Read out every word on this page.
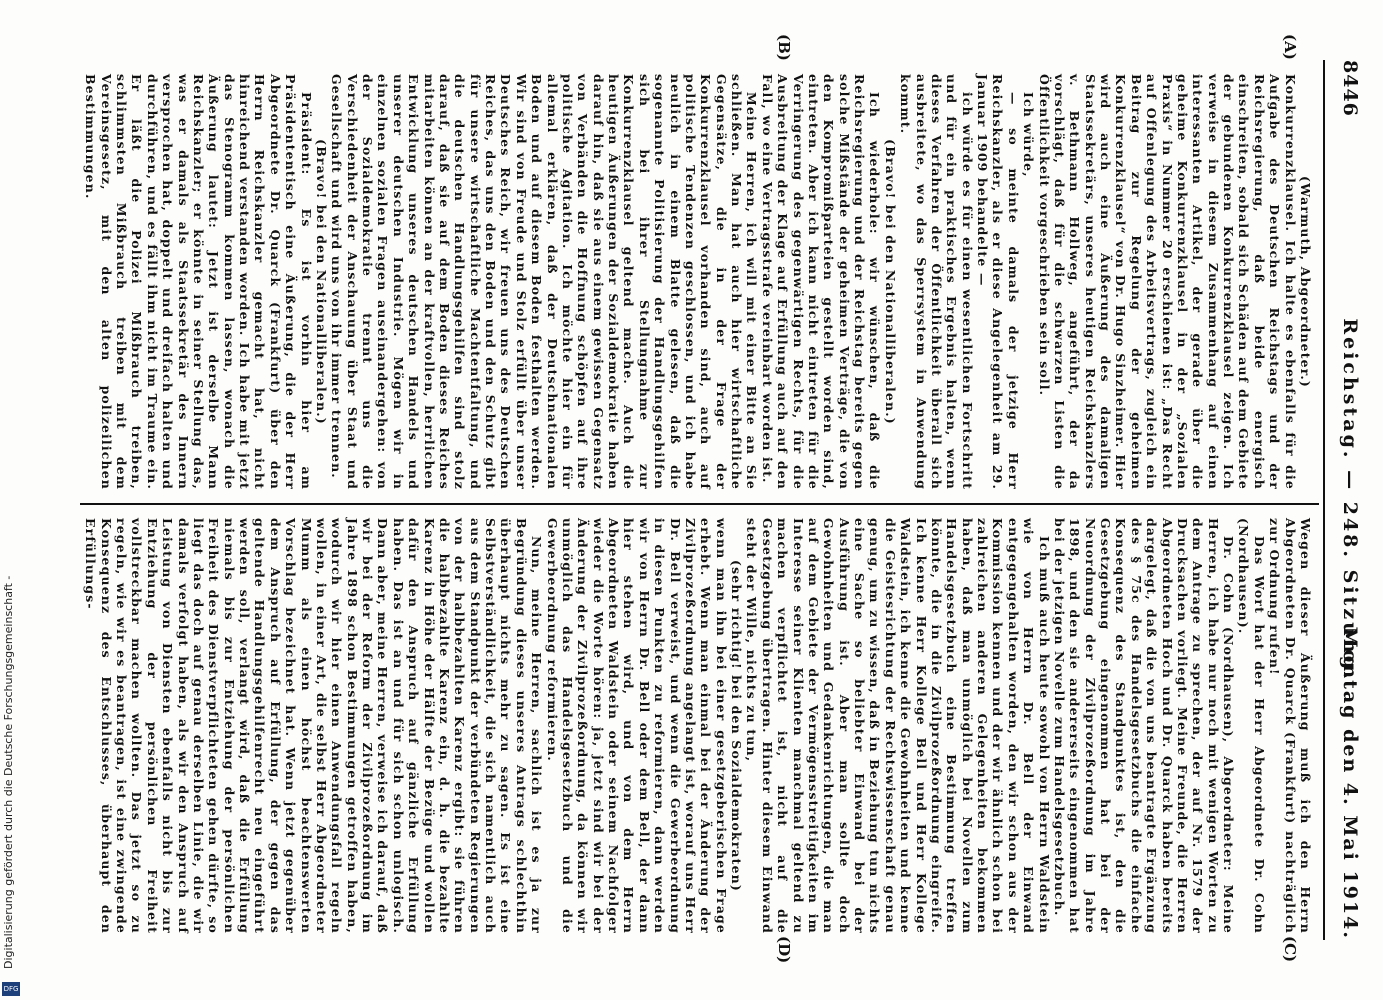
8446
Reichstag. — 248. Sitzung.
Montag den 4. Mai 1914.
(A)
(B)
(C)
(D)

(Warmuth, Abgeordneter.)

Konkurrenzklausel. Ich halte es ebenfalls für die Aufgabe des Deutschen Reichstags und der Reichsregierung, daß beide energisch einschreiten, sobald sich Schäden auf dem Gebiete der gebundenen Konkurrenzklausel zeigen. Ich verweise in diesem Zusammenhang auf einen interessanten Artikel, der gerade über die geheime Konkurrenzklausel in der „Sozialen Praxis“ in Nummer 20 erschienen ist: „Das Recht auf Offenlegung des Arbeitsvertrags, zugleich ein Beitrag zur Regelung der geheimen Konkurrenzklausel“ von Dr. Hugo Sinzheimer. Hier wird auch eine Äußerung des damaligen Staatssekretärs, unseres heutigen Reichskanzlers v. Bethmann Hollweg, angeführt, der da vorschlägt, daß für die schwarzen Listen die Öffentlichkeit vorgeschrieben sein soll.

Ich würde,

— so meinte damals der jetzige Herr Reichskanzler, als er diese Angelegenheit am 29. Januar 1909 behandelte —

ich würde es für einen wesentlichen Fortschritt und für ein praktisches Ergebnis halten, wenn dieses Verfahren der Öffentlichkeit überall sich ausbreitete, wo das Sperrsystem in Anwendung kommt.

(Bravo! bei den Nationalliberalen.)

Ich wiederhole: wir wünschen, daß die Reichsregierung und der Reichstag bereits gegen solche Mißstände der geheimen Verträge, die von den Kompromißparteien gestellt worden sind, eintreten. Aber ich kann nicht eintreten für die Verringerung des gegenwärtigen Rechts, für die Ausbreitung der Klage auf Erfüllung auch auf den Fall, wo eine Vertragsstrafe vereinbart worden ist.

Meine Herren, ich will mit einer Bitte an Sie schließen. Man hat auch hier wirtschaftliche Gegensätze, die in der Frage der Konkurrenzklausel vorhanden sind, auch auf politische Tendenzen geschlossen, und ich habe neulich in einem Blatte gelesen, daß die sogenannte Politisierung der Handlungsgehilfen sich bei ihrer Stellungnahme zur Konkurrenzklausel geltend mache. Auch die heutigen Äußerungen der Sozialdemokratie haben darauf hin, daß sie aus einem gewissen Gegensatz von Verbänden die Hoffnung schöpfen auf ihre politische Agitation. Ich möchte hier ein für allemal erklären, daß der Deutschnationalen Boden und auf diesem Boden festhalten werden. Wir sind von Freude und Stolz erfüllt über unser Deutsches Reich, wir freuen uns des Deutschen Reiches, das uns den Boden und den Schutz gibt für unsere wirtschaftliche Machtentfaltung, und die deutschen Handlungsgehilfen sind stolz darauf, daß sie auf dem Boden dieses Reiches mitarbeiten können an der kraftvollen, herrlichen Entwicklung unseres deutschen Handels und unserer deutschen Industrie. Mögen wir in einzelnen sozialen Fragen auseinandergehen: von der Sozialdemokratie trennt uns die Verschiedenheit der Anschauung über Staat und Gesellschaft und wird uns von ihr immer trennen.

(Bravo! bei den Nationalliberalen.)

Präsident: Es ist vorhin hier am Präsidententisch eine Äußerung, die der Herr Abgeordnete Dr. Quarck (Frankfurt) über den Herrn Reichskanzler gemacht hat, nicht hinreichend verstanden worden. Ich habe mit jetzt das Stenogramm kommen lassen, wonach die Äußerung lautet: Jetzt ist derselbe Mann Reichskanzler; er könnte in seiner Stellung das, was er damals als Staatssekretär des Innern versprochen hat, doppelt und dreifach halten und durchführen, und es fällt ihm nicht im Traume ein. Er läßt die Polizei Mißbrauch treiben, schlimmsten Mißbrauch treiben mit dem Vereinsgesetz, mit den alten polizeilichen Bestimmungen.

Wegen dieser Äußerung muß ich den Herrn Abgeordneten Dr. Quarck (Frankfurt) nachträglich zur Ordnung rufen!

Das Wort hat der Herr Abgeordnete Dr. Cohn (Nordhausen).

Dr. Cohn (Nordhausen), Abgeordneter: Meine Herren, ich habe nur noch mit wenigen Worten zu dem Antrage zu sprechen, der auf Nr. 1579 der Drucksachen vorliegt. Meine Freunde, die Herren Abgeordneten Hoch und Dr. Quarck haben bereits dargelegt, daß die von uns beantragte Ergänzung des § 75c des Handelsgesetzbuchs die einfache Konsequenz des Standpunktes ist, den die Gesetzgebung eingenommen hat bei der Neuordnung der Zivilprozeßordnung im Jahre 1898, und den sie andererseits eingenommen hat bei der jetzigen Novelle zum Handelsgesetzbuch.

Ich muß auch heute sowohl von Herrn Waldstein wie von Herrn Dr. Bell der Einwand entgegengehalten worden, den wir schon aus der Kommission kennen und der wir ähnlich schon bei zahlreichen anderen Gelegenheiten bekommen haben, daß man unmöglich bei Novellen zum Handelsgesetzbuch eine Bestimmung treffen könnte, die in die Zivilprozeßordnung eingreife. Ich kenne Herr Kollege Bell und Herr Kollege Waldstein, ich kenne die Gewohnheiten und kenne die Geistesrichtung der Rechtswissenschaft genau genug, um zu wissen, daß in Beziehung tun nichts eine Sache so beliebter Einwand bei der Ausführung ist. Aber man sollte doch Gewohnheiten und Gedankenrichtungen, die man auf dem Gebiete der Vermögensstreitigkeiten im Interesse seiner Klienten manchmal geltend zu machen verpflichtet ist, nicht auf die Gesetzgebung übertragen. Hinter diesem Einwand steht der Wille, nichts zu tun,

(sehr richtig! bei den Sozialdemokraten)

wenn man ihn bei einer gesetzgeberischen Frage erhebt. Wenn man einmal bei der Änderung der Zivilprozeßordnung angelangt ist, worauf uns Herr Dr. Bell verweist, und wenn die Gewerbeordnung in diesen Punkten zu reformieren, dann werden wir von Herrn Dr. Bell oder dem Bell, der dann hier stehen wird, und von dem Herrn Abgeordneten Waldstein oder seinem Nachfolger wieder die Worte hören: ja, jetzt sind wir bei der Änderung der Zivilprozeßordnung, da können wir unmöglich das Handelsgesetzbuch und die Gewerbeordnung reformieren.

Nun, meine Herren, sachlich ist es ja zur Begründung dieses unseres Antrags schlechthin überhaupt nichts mehr zu sagen. Es ist eine Selbstverständlichkeit, die sich namentlich auch aus dem Standpunkt der verbündeten Regierungen von der halbbezahlten Karenz ergibt: sie führen die halbbezahlte Karenz ein, d. h. die bezahlte Karenz in Höhe der Hälfte der Bezüge und wollen dafür den Anspruch auf gänzliche Erfüllung haben. Das ist an und für sich schon unlogisch. Dann aber, meine Herren, verweise ich darauf, daß wir bei der Reform der Zivilprozeßordnung im Jahre 1898 schon Bestimmungen getroffen haben, wodurch wir hier einen Anwendungsfall regeln wollen, in einer Art, die selbst Herr Abgeordneter Mumm als einen höchst beachtenswerten Vorschlag bezeichnet hat. Wenn jetzt gegenüber dem Anspruch auf Erfüllung, der gegen das geltende Handlungsgehilfenrecht neu eingeführt werden soll, verlangt wird, daß die Erfüllung niemals bis zur Entziehung der persönlichen Freiheit des Dienstverpflichteten gehen dürfte, so liegt das doch auf genau derselben Linie, die wir damals verfolgt haben, als wir den Anspruch auf Leistung von Diensten ebenfalls nicht bis zur Entziehung der persönlichen Freiheit vollstreckbar machen wollten. Das jetzt so zu regeln, wie wir es beantragen, ist eine zwingende Konsequenz des Entschlusses, überhaupt den Erfüllungs-

Digitalisierung gefördert durch die Deutsche Forschungsgemeinschaft -
DFG
